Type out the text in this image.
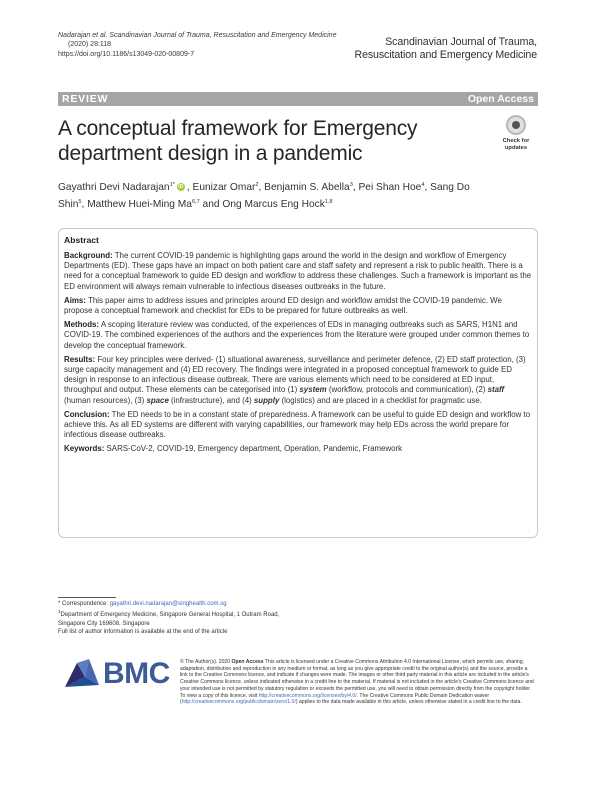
Nadarajan et al. Scandinavian Journal of Trauma, Resuscitation and Emergency Medicine
(2020) 28:118
https://doi.org/10.1186/s13049-020-00809-7
Scandinavian Journal of Trauma,
Resuscitation and Emergency Medicine
REVIEW	Open Access
A conceptual framework for Emergency department design in a pandemic
Check for
updates
Gayathri Devi Nadarajan$^{1*}$ iD , Eunizar Omar$^2$, Benjamin S. Abella$^3$, Pei Shan Hoe$^4$, Sang Do Shin$^5$, Matthew Huei-Ming Ma$^{6,7}$ and Ong Marcus Eng Hock$^{1,8}$
Abstract

Background: The current COVID-19 pandemic is highlighting gaps around the world in the design and workflow of Emergency Departments (ED). These gaps have an impact on both patient care and staff safety and represent a risk to public health. There is a need for a conceptual framework to guide ED design and workflow to address these challenges. Such a framework is important as the ED environment will always remain vulnerable to infectious diseases outbreaks in the future.

Aims: This paper aims to address issues and principles around ED design and workflow amidst the COVID-19 pandemic. We propose a conceptual framework and checklist for EDs to be prepared for future outbreaks as well.

Methods: A scoping literature review was conducted, of the experiences of EDs in managing outbreaks such as SARS, H1N1 and COVID-19. The combined experiences of the authors and the experiences from the literature were grouped under common themes to develop the conceptual framework.

Results: Four key principles were derived- (1) situational awareness, surveillance and perimeter defence, (2) ED staff protection, (3) surge capacity management and (4) ED recovery. The findings were integrated in a proposed conceptual framework to guide ED design in response to an infectious disease outbreak. There are various elements which need to be considered at ED input, throughput and output. These elements can be categorised into (1) system (workflow, protocols and communication), (2) staff (human resources), (3) space (infrastructure), and (4) supply (logistics) and are placed in a checklist for pragmatic use.

Conclusion: The ED needs to be in a constant state of preparedness. A framework can be useful to guide ED design and workflow to achieve this. As all ED systems are different with varying capabilities, our framework may help EDs across the world prepare for infectious disease outbreaks.

Keywords: SARS-CoV-2, COVID-19, Emergency department, Operation, Pandemic, Framework

* Correspondence: gayathri.devi.nadarajan@singhealth.com.sg
$^1$Department of Emergency Medicine, Singapore General Hospital, 1 Outram Road, Singapore City 169608, Singapore
Full list of author information is available at the end of the article
BMC © The Author(s). 2020 Open Access This article is licensed under a Creative Commons Attribution 4.0 International License, which permits use, sharing, adaptation, distribution and reproduction in any medium or format, as long as you give appropriate credit to the original author(s) and the source, provide a link to the Creative Commons licence, and indicate if changes were made. The images or other third party material in this article are included in the article's Creative Commons licence, unless indicated otherwise in a credit line to the material. If material is not included in the article's Creative Commons licence and your intended use is not permitted by statutory regulation or exceeds the permitted use, you will need to obtain permission directly from the copyright holder. To view a copy of this licence, visit http://creativecommons.org/licenses/by/4.0/. The Creative Commons Public Domain Dedication waiver (http://creativecommons.org/publicdomain/zero/1.0/) applies to the data made available in this article, unless otherwise stated in a credit line to the data.
